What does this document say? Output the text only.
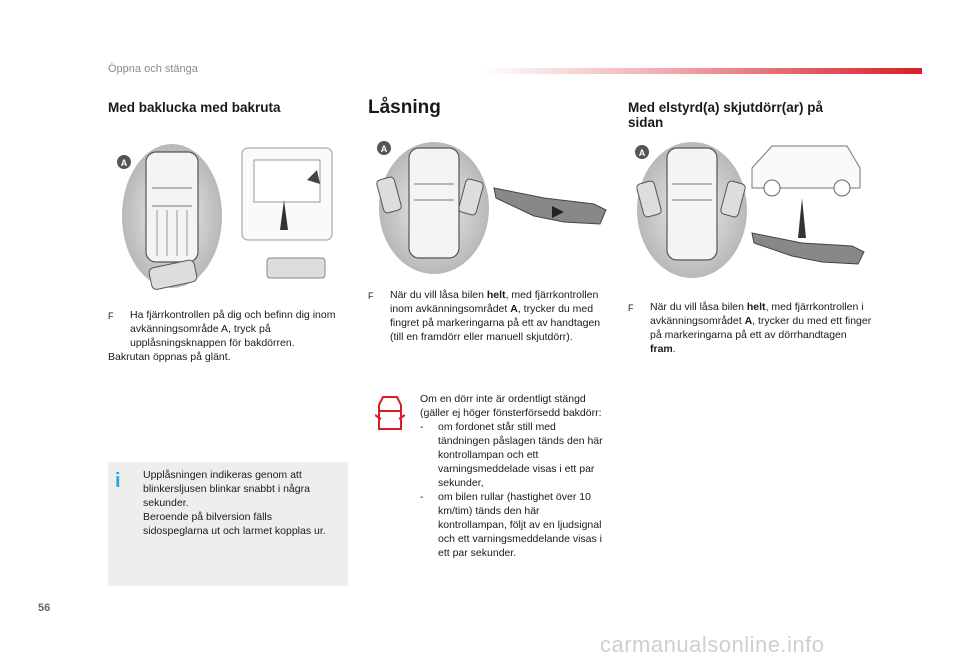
Öppna och stänga
Med baklucka med bakruta
A
F Ha fjärrkontrollen på dig och befinn dig inom avkänningsområde A, tryck på upplåsningsknappen för bakdörren.
Bakrutan öppnas på glänt.
i Upplåsningen indikeras genom att
blinkersljusen blinkar snabbt i några
sekunder.
Beroende på bilversion fälls
sidospeglarna ut och larmet kopplas ur.
Låsning
A
F När du vill låsa bilen helt, med fjärrkontrollen inom avkänningsområdet A, trycker du med fingret på markeringarna på ett av handtagen (till en framdörr eller manuell skjutdörr).
Om en dörr inte är ordentligt stängd (gäller ej höger fönsterförsedd bakdörr:
-	om fordonet står still med tändningen påslagen tänds den här kontrollampan och ett varningsmeddelade visas i ett par sekunder,
-	om bilen rullar (hastighet över 10 km/tim) tänds den här kontrollampan, följt av en ljudsignal och ett varningsmeddelande visas i ett par sekunder.
Med elstyrd(a) skjutdörr(ar) på
sidan
A
F När du vill låsa bilen helt, med fjärrkontrollen i avkänningsområdet A, trycker du med ett finger på markeringarna på ett av dörrhandtagen fram.
56
carmanualsonline.info
